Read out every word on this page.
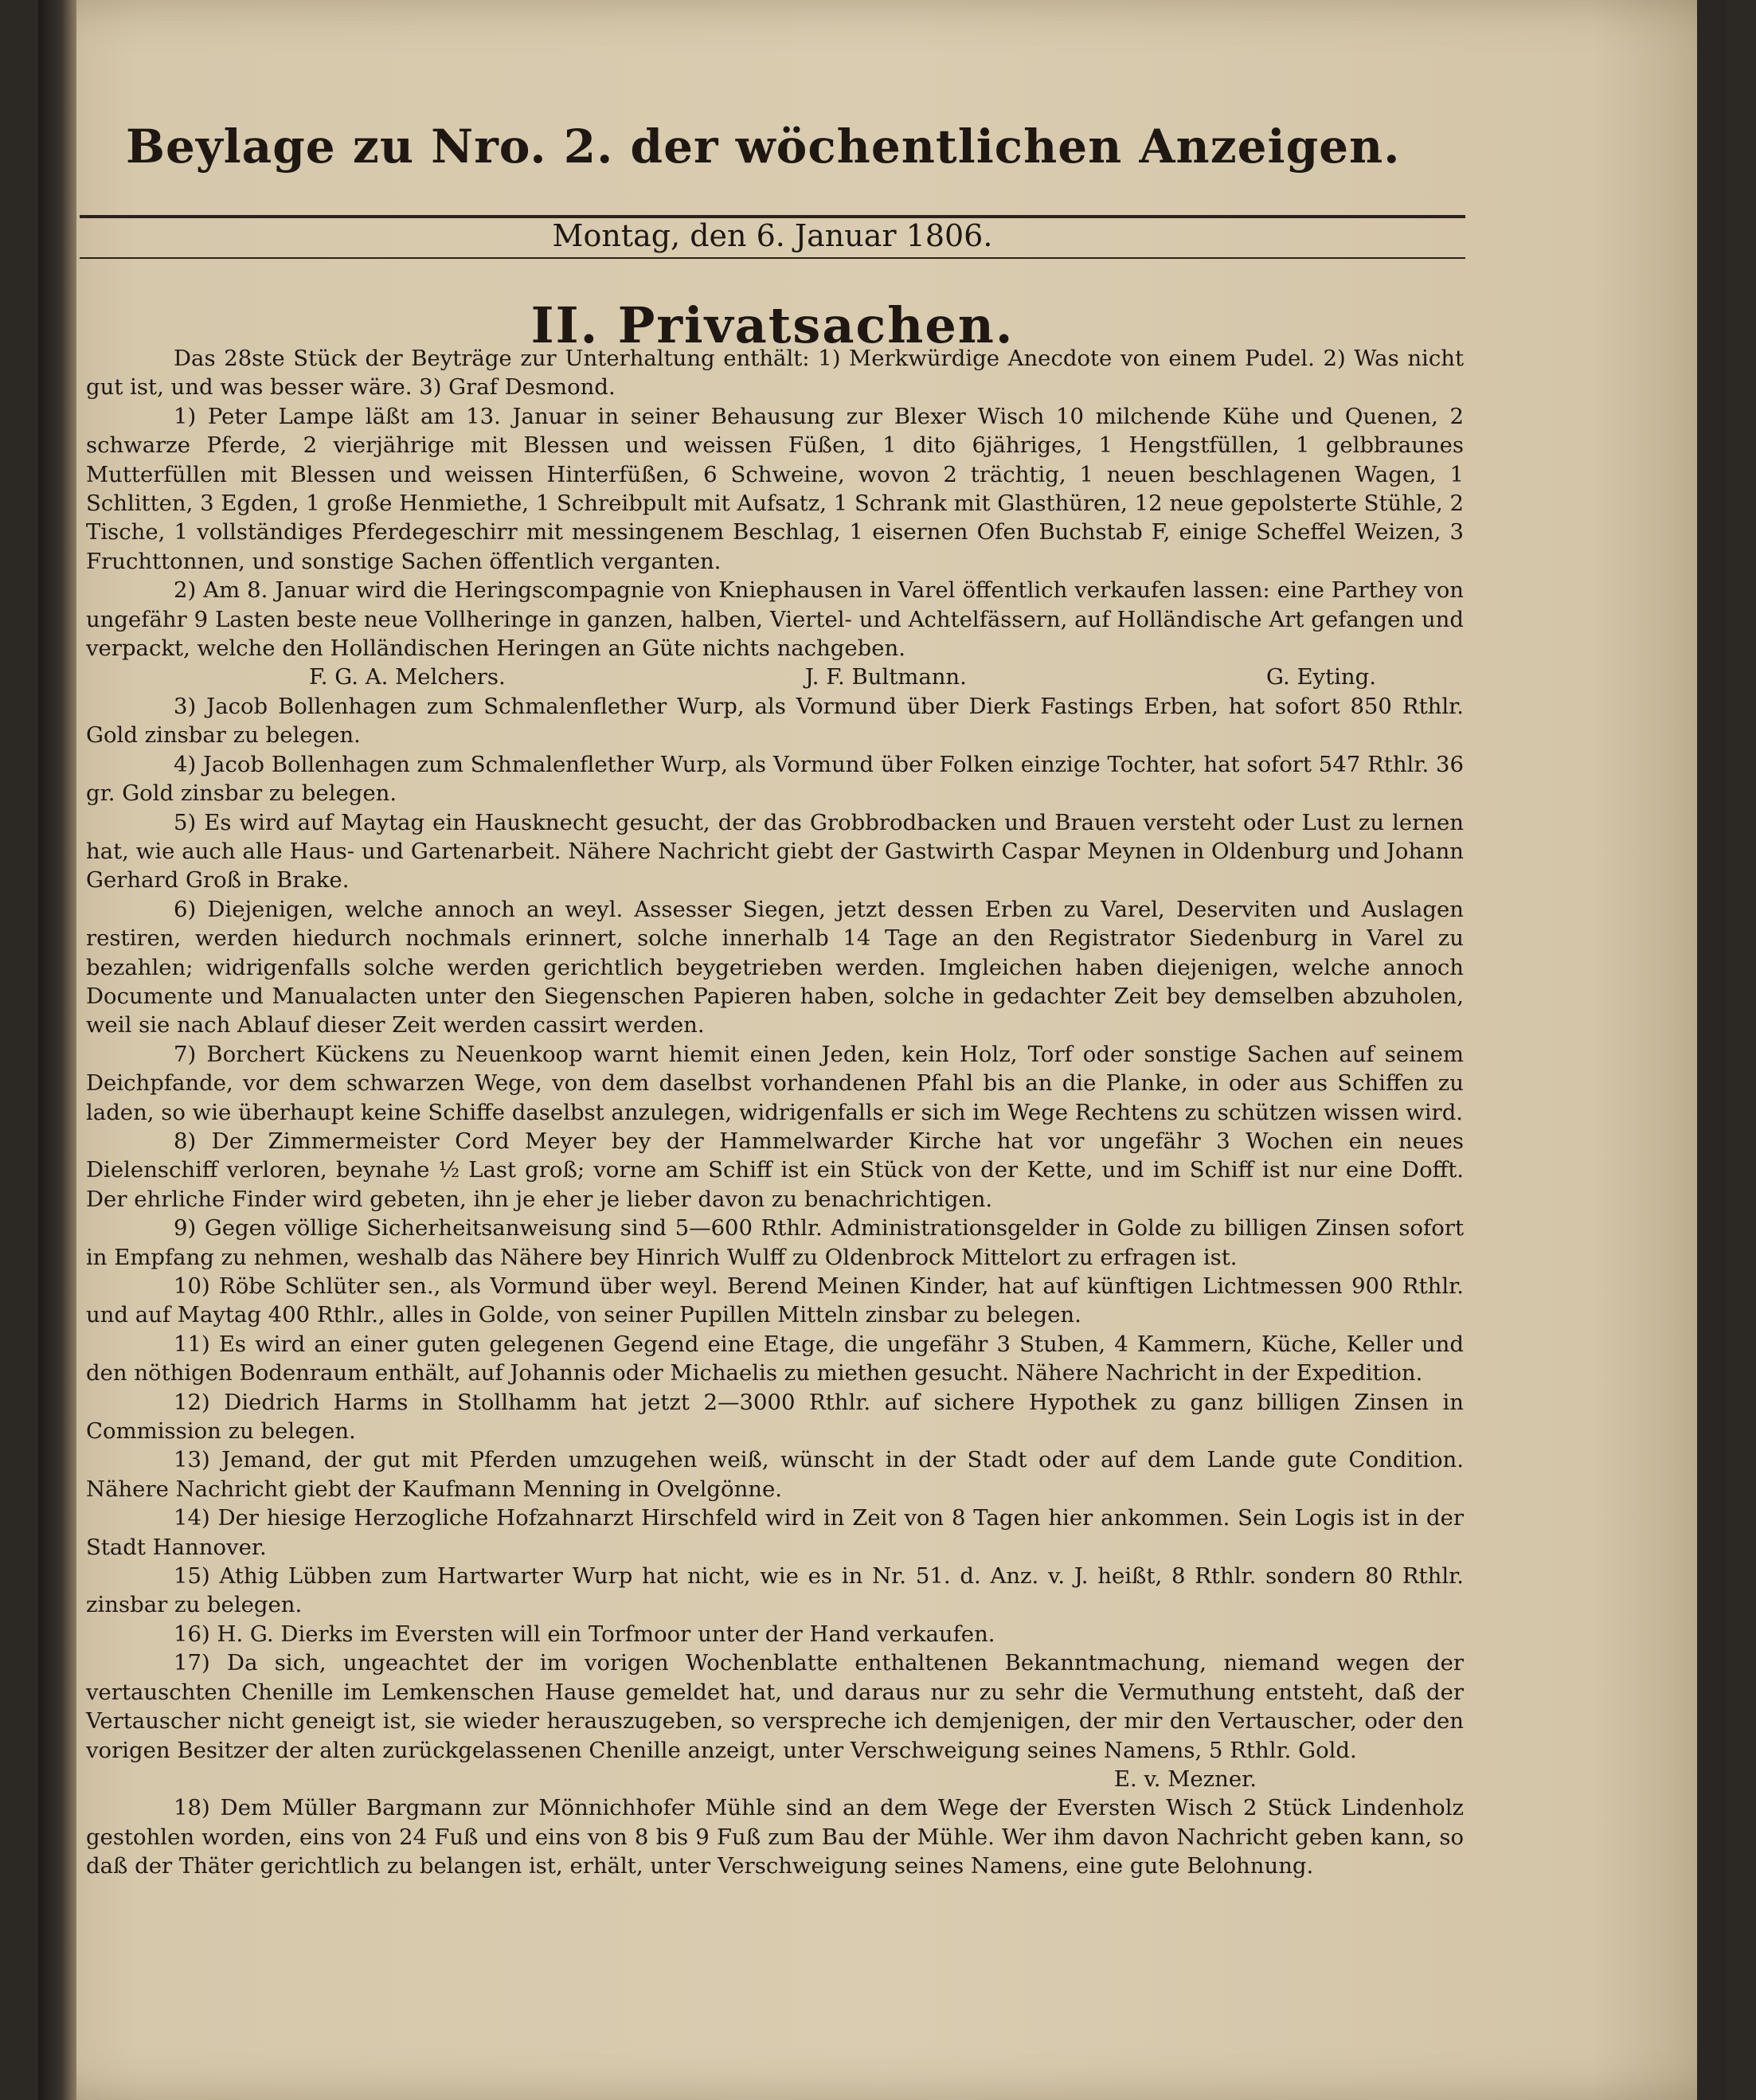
Beylage zu Nro. 2. der wöchentlichen Anzeigen.
Montag, den 6. Januar 1806.
II. Privatsachen.

Das 28ste Stück der Beyträge zur Unterhaltung enthält: 1) Merkwürdige Anecdote von einem Pudel. 2) Was nicht gut ist, und was besser wäre. 3) Graf Desmond.

1) Peter Lampe läßt am 13. Januar in seiner Behausung zur Blexer Wisch 10 milchende Kühe und Quenen, 2 schwarze Pferde, 2 vierjährige mit Blessen und weissen Füßen, 1 dito 6jähriges, 1 Hengstfüllen, 1 gelbbraunes Mutterfüllen mit Blessen und weissen Hinterfüßen, 6 Schweine, wovon 2 trächtig, 1 neuen beschlagenen Wagen, 1 Schlitten, 3 Egden, 1 große Henmiethe, 1 Schreibpult mit Aufsatz, 1 Schrank mit Glasthüren, 12 neue gepolsterte Stühle, 2 Tische, 1 vollständiges Pferdegeschirr mit messingenem Beschlag, 1 eisernen Ofen Buchstab F, einige Scheffel Weizen, 3 Fruchttonnen, und sonstige Sachen öffentlich verganten.

2) Am 8. Januar wird die Heringscompagnie von Kniephausen in Varel öffentlich verkaufen lassen: eine Parthey von ungefähr 9 Lasten beste neue Vollheringe in ganzen, halben, Viertel- und Achtelfässern, auf Holländische Art gefangen und verpackt, welche den Holländischen Heringen an Güte nichts nachgeben.

F. G. A. Melchers.	J. F. Bultmann.	G. Eyting.

3) Jacob Bollenhagen zum Schmalenflether Wurp, als Vormund über Dierk Fastings Erben, hat sofort 850 Rthlr. Gold zinsbar zu belegen.

4) Jacob Bollenhagen zum Schmalenflether Wurp, als Vormund über Folken einzige Tochter, hat sofort 547 Rthlr. 36 gr. Gold zinsbar zu belegen.

5) Es wird auf Maytag ein Hausknecht gesucht, der das Grobbrodbacken und Brauen versteht oder Lust zu lernen hat, wie auch alle Haus- und Gartenarbeit. Nähere Nachricht giebt der Gastwirth Caspar Meynen in Oldenburg und Johann Gerhard Groß in Brake.

6) Diejenigen, welche annoch an weyl. Assesser Siegen, jetzt dessen Erben zu Varel, Deserviten und Auslagen restiren, werden hiedurch nochmals erinnert, solche innerhalb 14 Tage an den Registrator Siedenburg in Varel zu bezahlen; widrigenfalls solche werden gerichtlich beygetrieben werden. Imgleichen haben diejenigen, welche annoch Documente und Manualacten unter den Siegenschen Papieren haben, solche in gedachter Zeit bey demselben abzuholen, weil sie nach Ablauf dieser Zeit werden cassirt werden.

7) Borchert Kückens zu Neuenkoop warnt hiemit einen Jeden, kein Holz, Torf oder sonstige Sachen auf seinem Deichpfande, vor dem schwarzen Wege, von dem daselbst vorhandenen Pfahl bis an die Planke, in oder aus Schiffen zu laden, so wie überhaupt keine Schiffe daselbst anzulegen, widrigenfalls er sich im Wege Rechtens zu schützen wissen wird.

8) Der Zimmermeister Cord Meyer bey der Hammelwarder Kirche hat vor ungefähr 3 Wochen ein neues Dielenschiff verloren, beynahe ½ Last groß; vorne am Schiff ist ein Stück von der Kette, und im Schiff ist nur eine Dofft. Der ehrliche Finder wird gebeten, ihn je eher je lieber davon zu benachrichtigen.

9) Gegen völlige Sicherheitsanweisung sind 5—600 Rthlr. Administrationsgelder in Golde zu billigen Zinsen sofort in Empfang zu nehmen, weshalb das Nähere bey Hinrich Wulff zu Oldenbrock Mittelort zu erfragen ist.

10) Röbe Schlüter sen., als Vormund über weyl. Berend Meinen Kinder, hat auf künftigen Lichtmessen 900 Rthlr. und auf Maytag 400 Rthlr., alles in Golde, von seiner Pupillen Mitteln zinsbar zu belegen.

11) Es wird an einer guten gelegenen Gegend eine Etage, die ungefähr 3 Stuben, 4 Kammern, Küche, Keller und den nöthigen Bodenraum enthält, auf Johannis oder Michaelis zu miethen gesucht. Nähere Nachricht in der Expedition.

12) Diedrich Harms in Stollhamm hat jetzt 2—3000 Rthlr. auf sichere Hypothek zu ganz billigen Zinsen in Commission zu belegen.

13) Jemand, der gut mit Pferden umzugehen weiß, wünscht in der Stadt oder auf dem Lande gute Condition. Nähere Nachricht giebt der Kaufmann Menning in Ovelgönne.

14) Der hiesige Herzogliche Hofzahnarzt Hirschfeld wird in Zeit von 8 Tagen hier ankommen. Sein Logis ist in der Stadt Hannover.

15) Athig Lübben zum Hartwarter Wurp hat nicht, wie es in Nr. 51. d. Anz. v. J. heißt, 8 Rthlr. sondern 80 Rthlr. zinsbar zu belegen.

16) H. G. Dierks im Eversten will ein Torfmoor unter der Hand verkaufen.

17) Da sich, ungeachtet der im vorigen Wochenblatte enthaltenen Bekanntmachung, niemand wegen der vertauschten Chenille im Lemkenschen Hause gemeldet hat, und daraus nur zu sehr die Vermuthung entsteht, daß der Vertauscher nicht geneigt ist, sie wieder herauszugeben, so verspreche ich demjenigen, der mir den Vertauscher, oder den vorigen Besitzer der alten zurückgelassenen Chenille anzeigt, unter Verschweigung seines Namens, 5 Rthlr. Gold.

E. v. Mezner.

18) Dem Müller Bargmann zur Mönnichhofer Mühle sind an dem Wege der Eversten Wisch 2 Stück Lindenholz gestohlen worden, eins von 24 Fuß und eins von 8 bis 9 Fuß zum Bau der Mühle. Wer ihm davon Nachricht geben kann, so daß der Thäter gerichtlich zu belangen ist, erhält, unter Verschweigung seines Namens, eine gute Belohnung.
